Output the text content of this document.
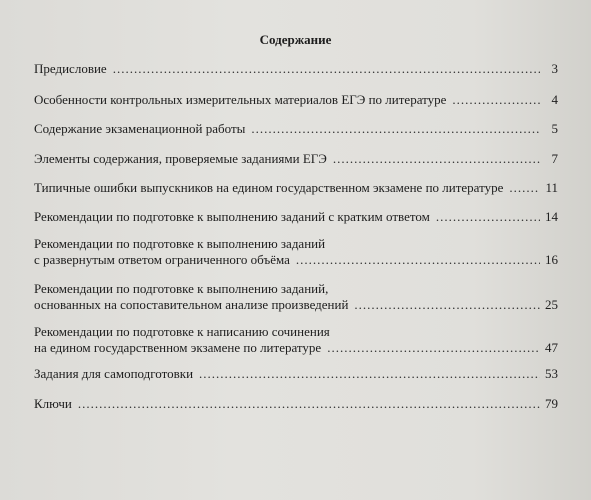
Содержание
Предисловие .....	3
Особенности контрольных измерительных материалов ЕГЭ по литературе .....	4
Содержание экзаменационной работы .....	5
Элементы содержания, проверяемые заданиями ЕГЭ .....	7
Типичные ошибки выпускников на едином государственном экзамене по литературе .....	11
Рекомендации по подготовке к выполнению заданий с кратким ответом .....	14
Рекомендации по подготовке к выполнению заданий
с развернутым ответом ограниченного объёма .....	16
Рекомендации по подготовке к выполнению заданий,
основанных на сопоставительном анализе произведений .....	25
Рекомендации по подготовке к написанию сочинения
на едином государственном экзамене по литературе .....	47
Задания для самоподготовки .....	53
Ключи .....	79
